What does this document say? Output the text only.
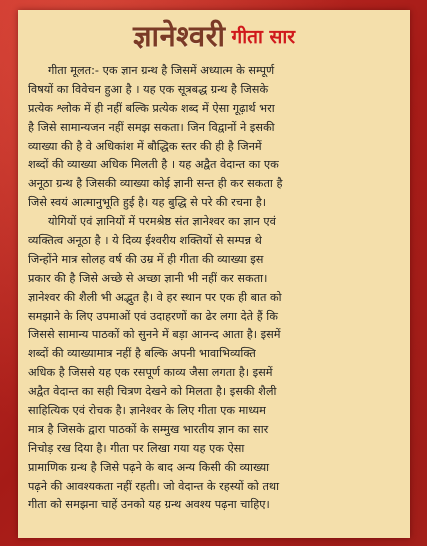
ज्ञानेश्वरी गीता सार
गीता मूलत:- एक ज्ञान ग्रन्थ है जिसमें अध्यात्म के सम्पूर्ण
विषयों का विवेचन हुआ है । यह एक सूत्रबद्ध ग्रन्थ है जिसके
प्रत्येक श्लोक में ही नहीं बल्कि प्रत्येक शब्द में ऐसा गूढ़ार्थ भरा
है जिसे सामान्यजन नहीं समझ सकता। जिन विद्वानों ने इसकी
व्याख्या की है वे अधिकांश में बौद्धिक स्तर की ही है जिनमें
शब्दों की व्याख्या अधिक मिलती है । यह अद्वैत वेदान्त का एक
अनूठा ग्रन्थ है जिसकी व्याख्या कोई ज्ञानी सन्त ही कर सकता है
जिसे स्वयं आत्मानुभूति हुई है। यह बुद्धि से परे की रचना है।
योगियों एवं ज्ञानियों में परमश्रेष्ठ संत ज्ञानेश्वर का ज्ञान एवं
व्यक्तित्व अनूठा है । ये दिव्य ईश्वरीय शक्तियों से सम्पन्न थे
जिन्होंने मात्र सोलह वर्ष की उम्र में ही गीता की व्याख्या इस
प्रकार की है जिसे अच्छे से अच्छा ज्ञानी भी नहीं कर सकता।
ज्ञानेश्वर की शैली भी अद्भुत है। वे हर स्थान पर एक ही बात को
समझाने के लिए उपमाओं एवं उदाहरणों का ढेर लगा देते हैं कि
जिससे सामान्य पाठकों को सुनने में बड़ा आनन्द आता है। इसमें
शब्दों की व्याख्यामात्र नहीं है बल्कि अपनी भावाभिव्यक्ति
अधिक है जिससे यह एक रसपूर्ण काव्य जैसा लगता है। इसमें
अद्वैत वेदान्त का सही चित्रण देखने को मिलता है। इसकी शैली
साहित्यिक एवं रोचक है। ज्ञानेश्वर के लिए गीता एक माध्यम
मात्र है जिसके द्वारा पाठकों के सम्मुख भारतीय ज्ञान का सार
निचोड़ रख दिया है। गीता पर लिखा गया यह एक ऐसा
प्रामाणिक ग्रन्थ है जिसे पढ़ने के बाद अन्य किसी की व्याख्या
पढ़ने की आवश्यकता नहीं रहती। जो वेदान्त के रहस्यों को तथा
गीता को समझना चाहें उनको यह ग्रन्थ अवश्य पढ़ना चाहिए।
